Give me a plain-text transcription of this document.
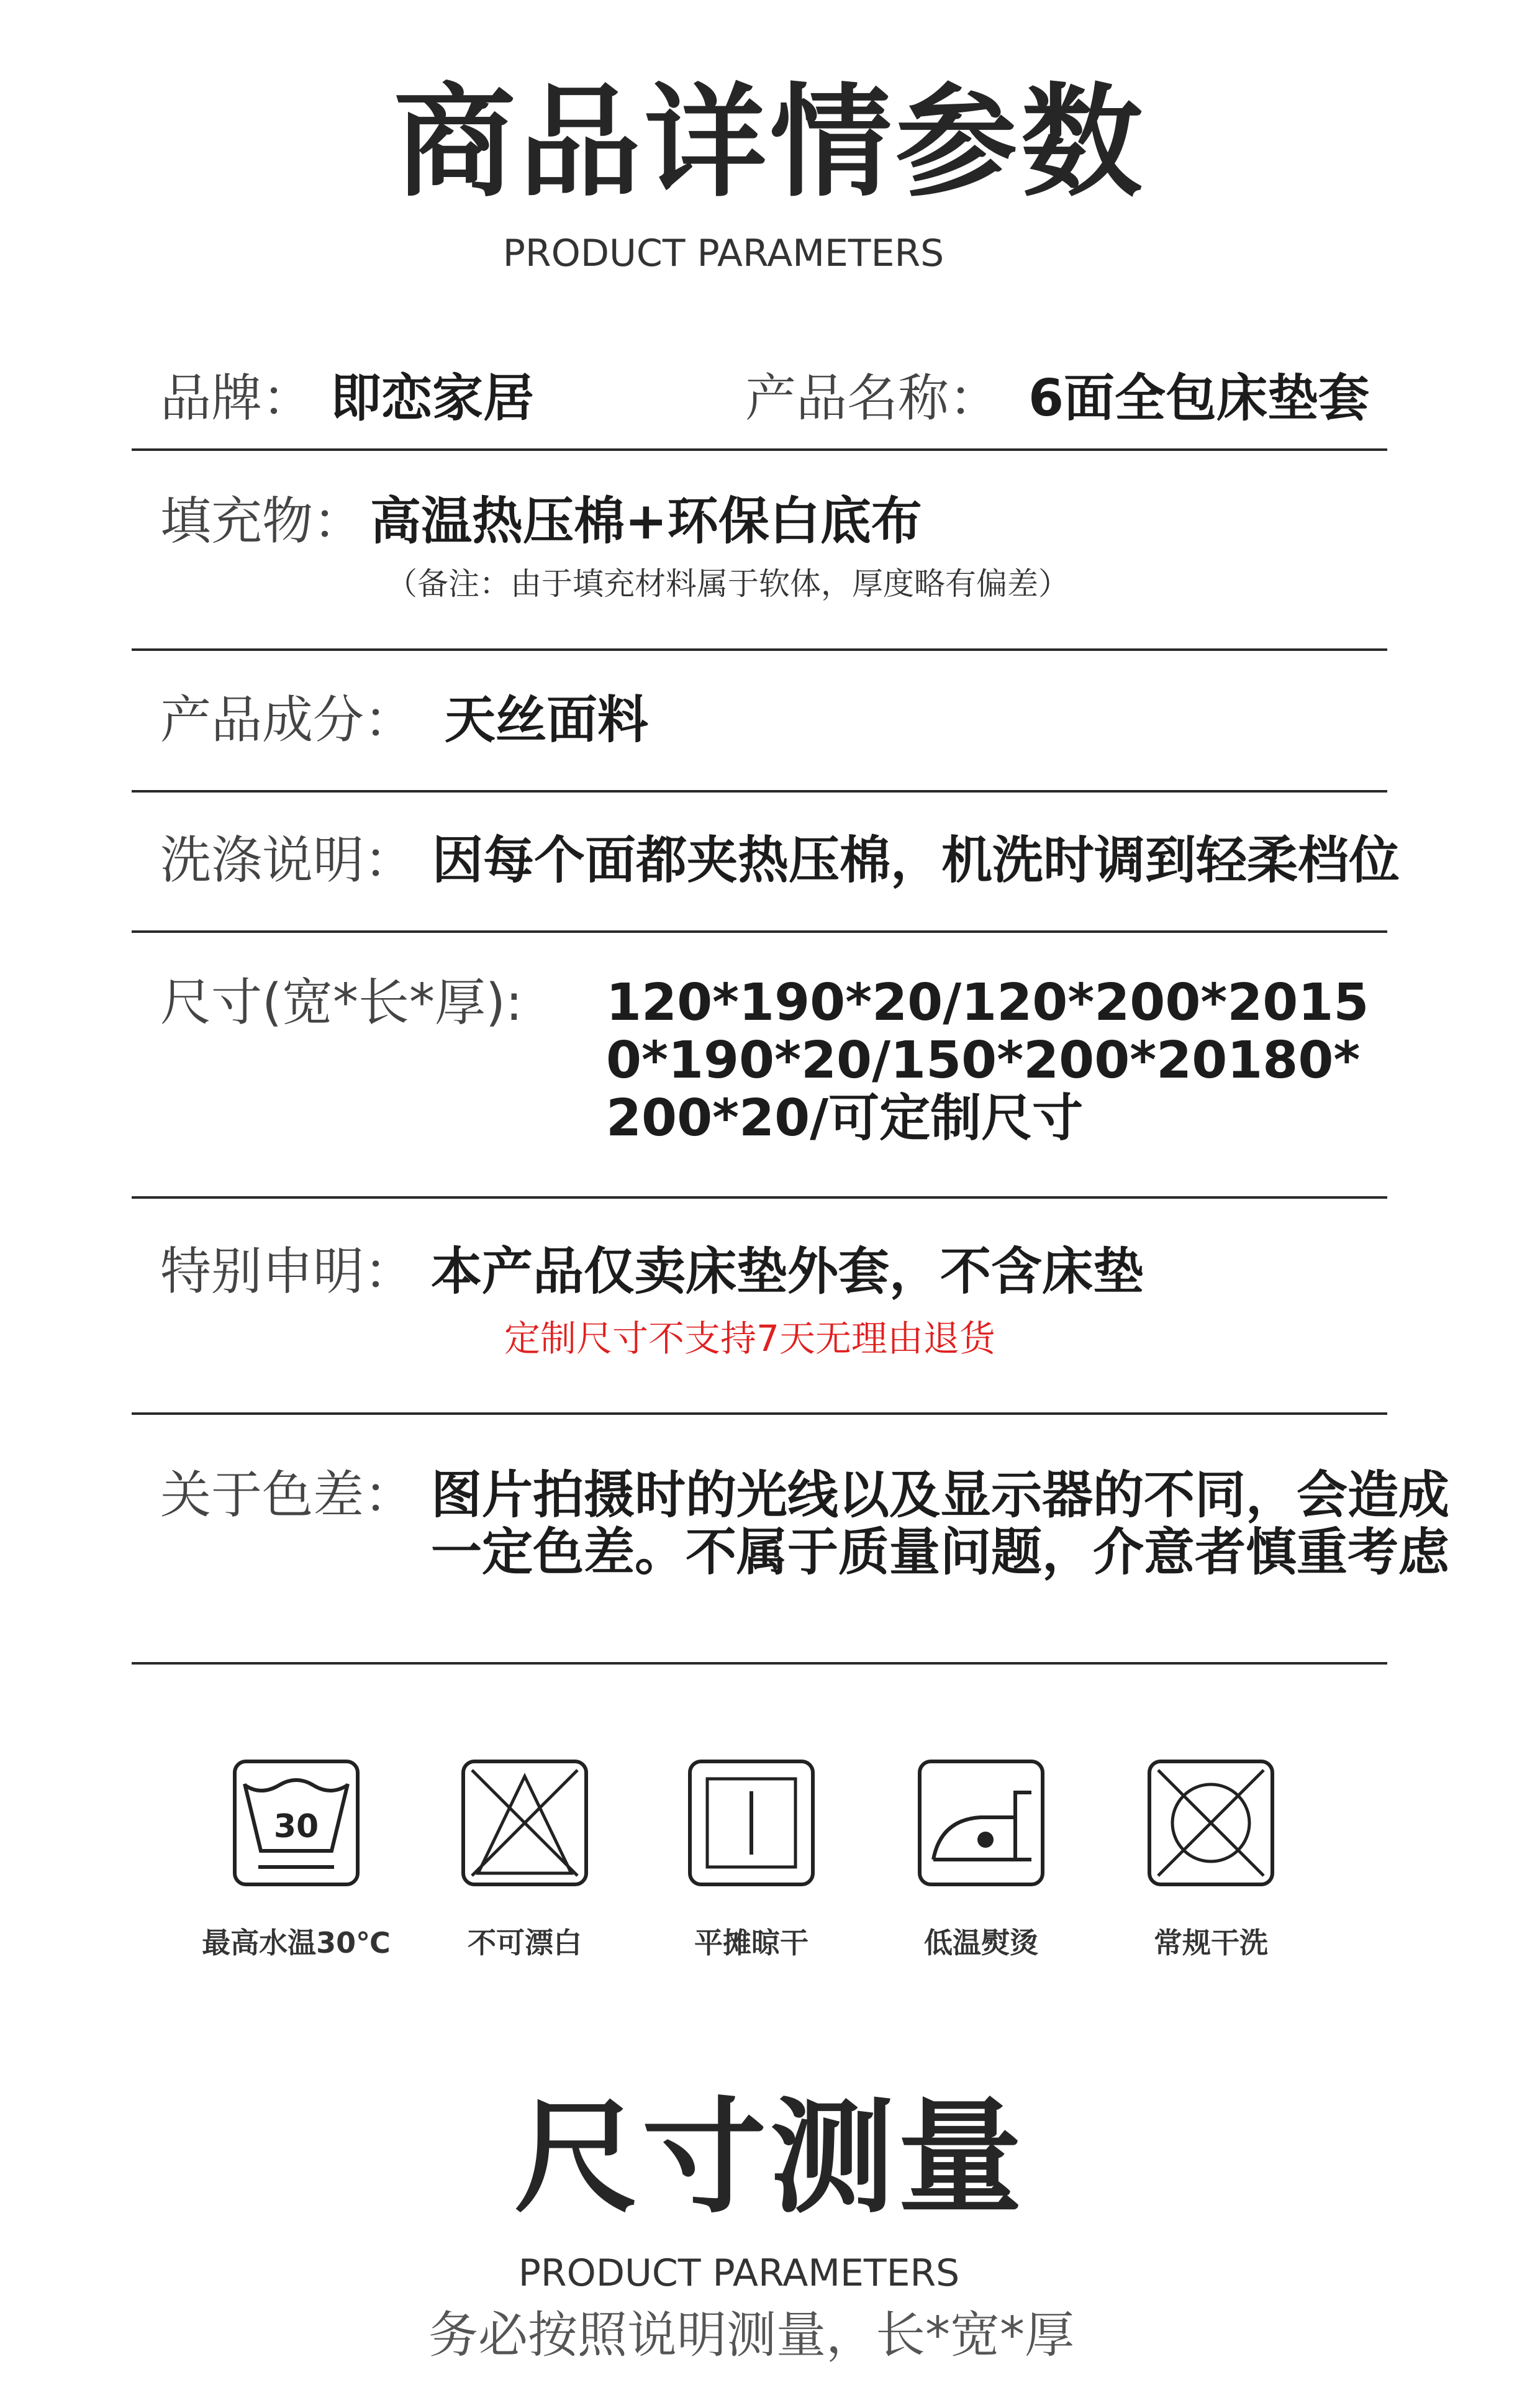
商品详情参数
PRODUCT PARAMETERS
品牌： 即恋家居	产品名称： 6面全包床垫套
填充物： 高温热压棉+环保白底布
（备注：由于填充材料属于软体，厚度略有偏差）
产品成分： 天丝面料
洗涤说明： 因每个面都夹热压棉，机洗时调到轻柔档位
尺寸(宽*长*厚): 120*190*20/120*200*2015
0*190*20/150*200*20180*
200*20/可定制尺寸
特别申明： 本产品仅卖床垫外套，不含床垫
定制尺寸不支持7天无理由退货
关于色差： 图片拍摄时的光线以及显示器的不同，会造成
一定色差。不属于质量问题，介意者慎重考虑
30
最高水温30℃	不可漂白	平摊晾干	低温熨烫	常规干洗
尺寸测量
PRODUCT PARAMETERS
务必按照说明测量，长*宽*厚
